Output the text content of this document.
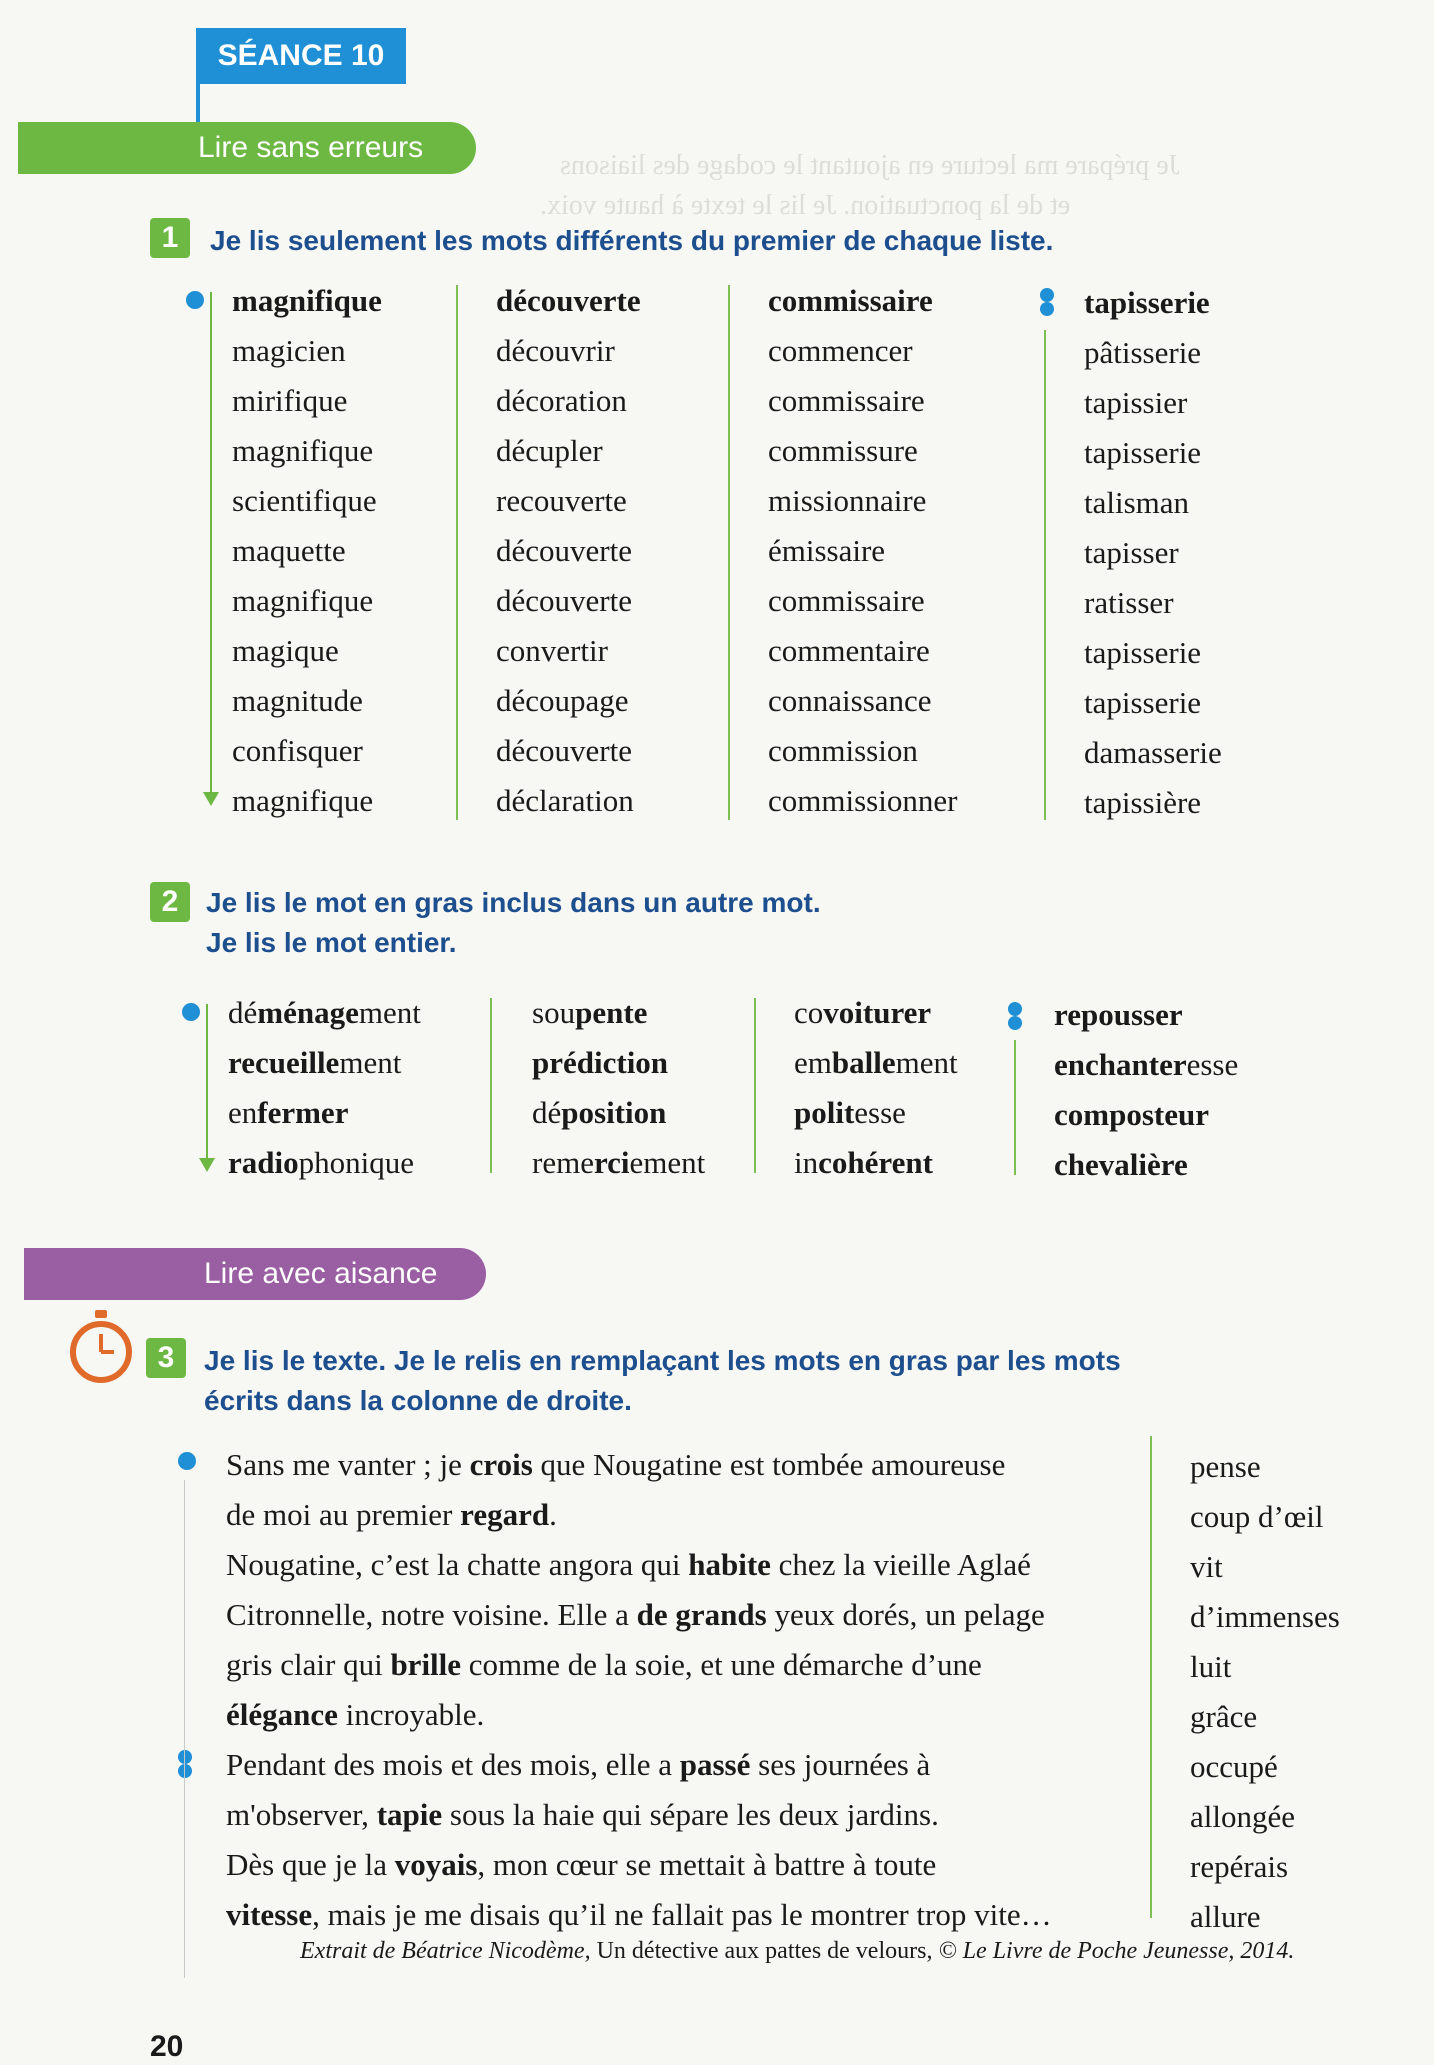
Je prépare ma lecture en ajoutant le codage des liaisons
et de la ponctuation. Je lis le texte à haute voix.
SÉANCE 10
Lire sans erreurs
1	Je lis seulement les mots différents du premier de chaque liste.
magnifique
magicien
mirifique
magnifique
scientifique
maquette
magnifique
magique
magnitude
confisquer
magnifique
découverte
découvrir
décoration
décupler
recouverte
découverte
découverte
convertir
découpage
découverte
déclaration
commissaire
commencer
commissaire
commissure
missionnaire
émissaire
commissaire
commentaire
connaissance
commission
commissionner
tapisserie
pâtisserie
tapissier
tapisserie
talisman
tapisser
ratisser
tapisserie
tapisserie
damasserie
tapissière
2 Je lis le mot en gras inclus dans un autre mot.
Je lis le mot entier.
déménagement
recueillement
enfermer
radiophonique
soupente
prédiction
déposition
remerciement
covoiturer
emballement
politesse
incohérent
repousser
enchanteresse
composteur
chevalière
Lire avec aisance
3	Je lis le texte. Je le relis en remplaçant les mots en gras par les mots
écrits dans la colonne de droite.

Sans me vanter ; je crois que Nougatine est tombée amoureuse

de moi au premier regard.

Nougatine, c’est la chatte angora qui habite chez la vieille Aglaé

Citronnelle, notre voisine. Elle a de grands yeux dorés, un pelage

gris clair qui brille comme de la soie, et une démarche d’une

élégance incroyable.

Pendant des mois et des mois, elle a passé ses journées à

m'observer, tapie sous la haie qui sépare les deux jardins.

Dès que je la voyais, mon cœur se mettait à battre à toute

vitesse, mais je me disais qu’il ne fallait pas le montrer trop vite…

pense
coup d’œil
vit
d’immenses
luit
grâce
occupé
allongée
repérais
allure
Extrait de Béatrice Nicodème, Un détective aux pattes de velours, © Le Livre de Poche Jeunesse, 2014.
20
